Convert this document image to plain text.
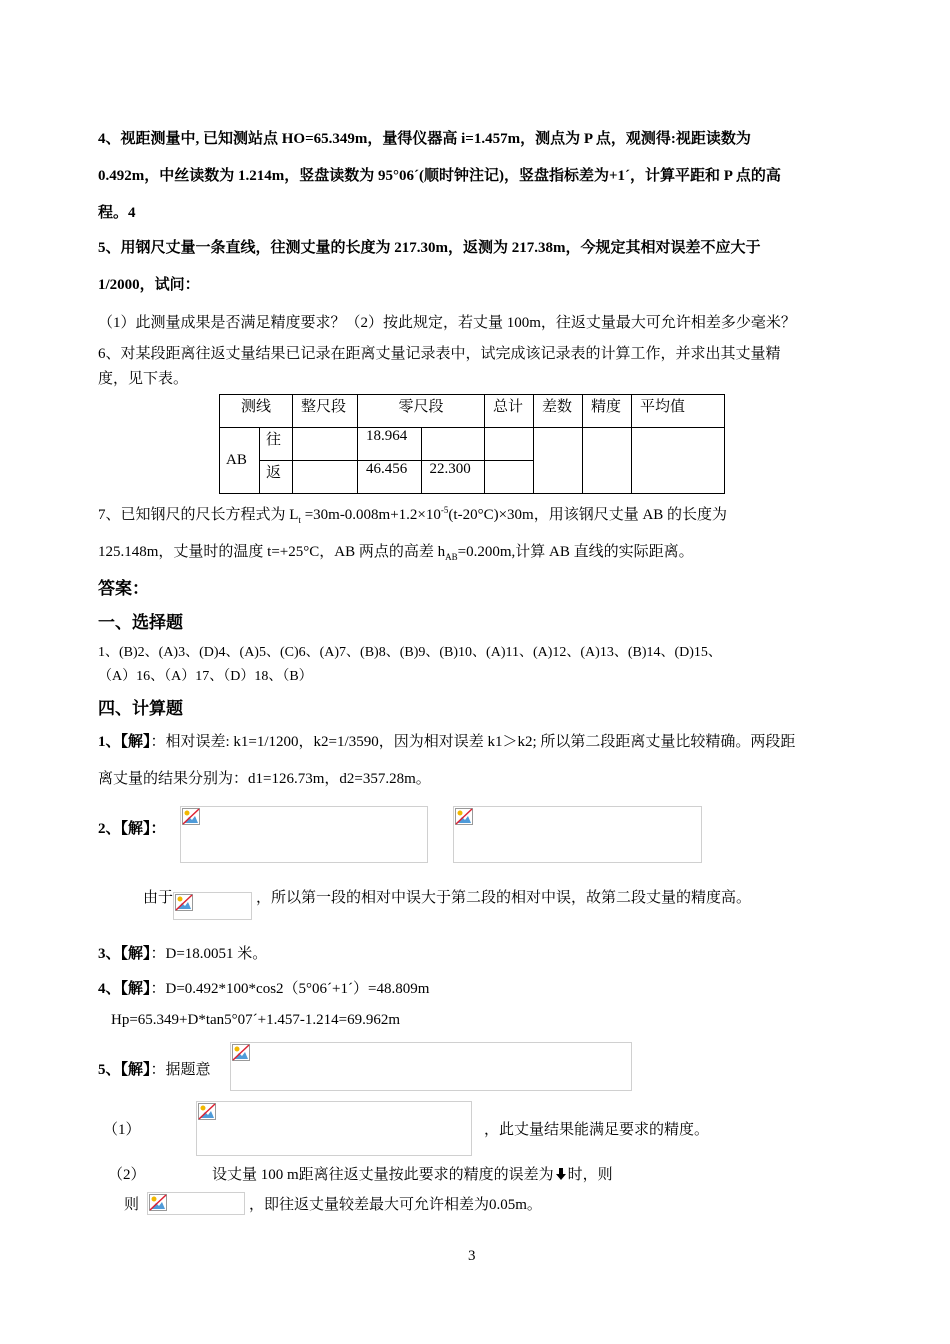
4、视距测量中, 已知测站点 HO=65.349m，量得仪器高 i=1.457m，测点为 P 点，观测得:视距读数为
0.492m，中丝读数为 1.214m，竖盘读数为 95°06´(顺时钟注记)，竖盘指标差为+1´，计算平距和 P 点的高
程。4
5、用钢尺丈量一条直线，往测丈量的长度为 217.30m，返测为 217.38m，今规定其相对误差不应大于
1/2000，试问：
（1）此测量成果是否满足精度要求？（2）按此规定，若丈量 100m，往返丈量最大可允许相差多少毫米？
6、对某段距离往返丈量结果已记录在距离丈量记录表中，试完成该记录表的计算工作，并求出其丈量精
度，见下表。
测线		整尺段	零尺段		总计	差数	精度	平均值
AB	往		18.964					
	返		46.456	22.300				
7、已知钢尺的尺长方程式为 $L_t =30m-0.008m+1.2\times 10^{-5}(t-20^\circ C)\times 30m$，用该钢尺丈量 AB 的长度为
125.148m，丈量时的温度 t=+25°C，AB 两点的高差 $h_{AB}=0.200m$,计算 AB 直线的实际距离。
答案：
一、选择题
1、(B)2、(A)3、(D)4、(A)5、(C)6、(A)7、(B)8、(B)9、(B)10、(A)11、(A)12、(A)13、(B)14、(D)15、
（A）16、（A）17、（D）18、（B）
四、计算题
1、【解】：相对误差: k1=1/1200，k2=1/3590，因为相对误差 k1＞k2; 所以第二段距离丈量比较精确。两段距
离丈量的结果分别为：d1=126.73m，d2=357.28m。
2、【解】：
由于	，所以第一段的相对中误大于第二段的相对中误，故第二段丈量的精度高。
3、【解】：D=18.0051 米。
4、【解】：D=0.492*100*cos2（5°06´+1´）=48.809m
Hp=65.349+D*tan5°07´+1.457-1.214=69.962m
5、【解】：据题意
（1）	，此丈量结果能满足要求的精度。
（2）	设丈量 100 m距离往返丈量按此要求的精度的误差为 时，则
则	，即往返丈量较差最大可允许相差为0.05m。
3
